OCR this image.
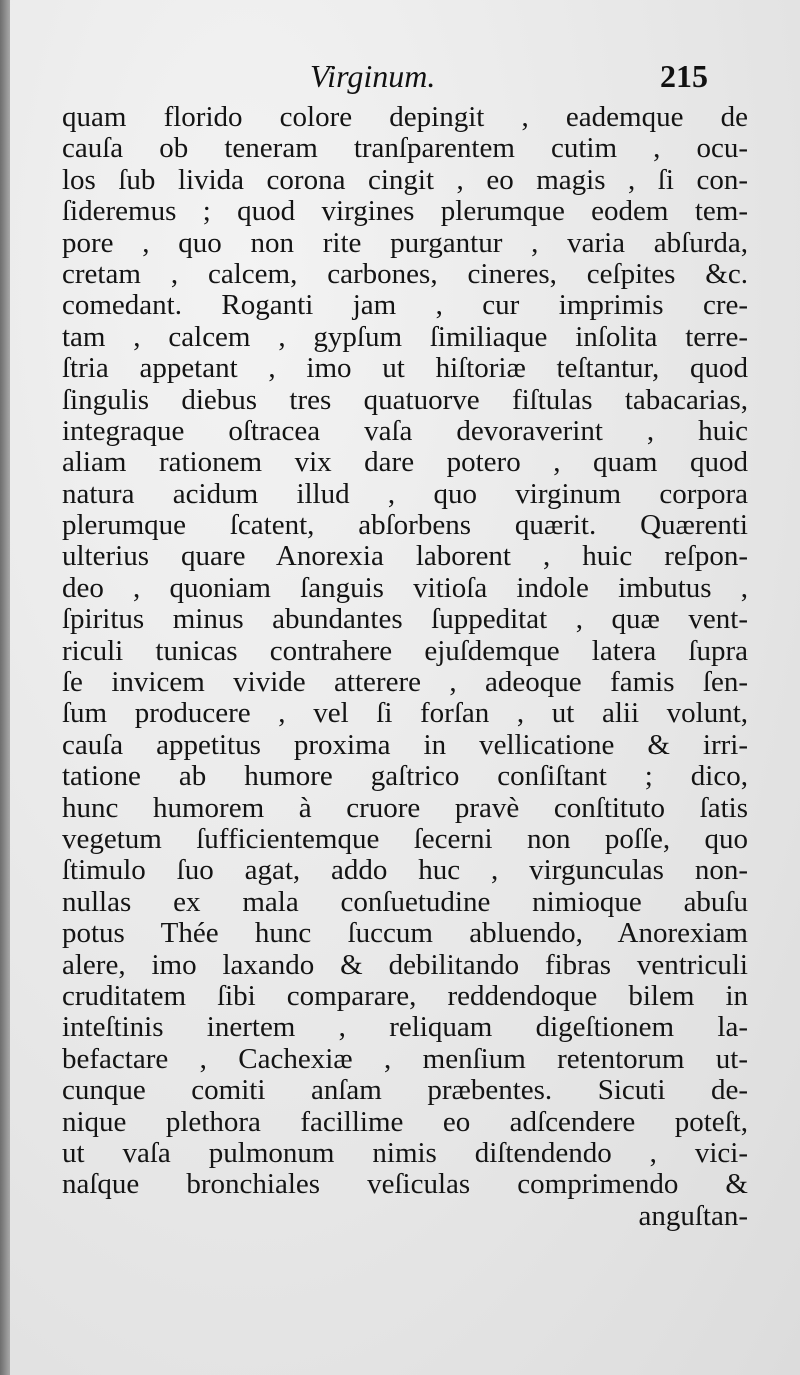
Virginum.	215
quam florido colore depingit , eademque de
cauſa ob teneram tranſparentem cutim , ocu-
los ſub livida corona cingit , eo magis , ſi con-
ſideremus ; quod virgines plerumque eodem tem-
pore , quo non rite purgantur , varia abſurda,
cretam , calcem, carbones, cineres, ceſpites &c.
comedant. Roganti jam , cur imprimis cre-
tam , calcem , gypſum ſimiliaque inſolita terre-
ſtria appetant , imo ut hiſtoriæ teſtantur, quod
ſingulis diebus tres quatuorve fiſtulas tabacarias,
integraque oſtracea vaſa devoraverint , huic
aliam rationem vix dare potero , quam quod
natura acidum illud , quo virginum corpora
plerumque ſcatent, abſorbens quærit. Quærenti
ulterius quare Anorexia laborent , huic reſpon-
deo , quoniam ſanguis vitioſa indole imbutus ,
ſpiritus minus abundantes ſuppeditat , quæ vent-
riculi tunicas contrahere ejuſdemque latera ſupra
ſe invicem vivide atterere , adeoque famis ſen-
ſum producere , vel ſi forſan , ut alii volunt,
cauſa appetitus proxima in vellicatione & irri-
tatione ab humore gaſtrico conſiſtant ; dico,
hunc humorem à cruore pravè conſtituto ſatis
vegetum ſufficientemque ſecerni non poſſe, quo
ſtimulo ſuo agat, addo huc , virgunculas non-
nullas ex mala conſuetudine nimioque abuſu
potus Thée hunc ſuccum abluendo, Anorexiam
alere, imo laxando & debilitando fibras ventriculi
cruditatem ſibi comparare, reddendoque bilem in
inteſtinis inertem , reliquam digeſtionem la-
befactare , Cachexiæ , menſium retentorum ut-
cunque comiti anſam præbentes. Sicuti de-
nique plethora facillime eo adſcendere poteſt,
ut vaſa pulmonum nimis diſtendendo , vici-
naſque bronchiales veſiculas comprimendo &
anguſtan-
